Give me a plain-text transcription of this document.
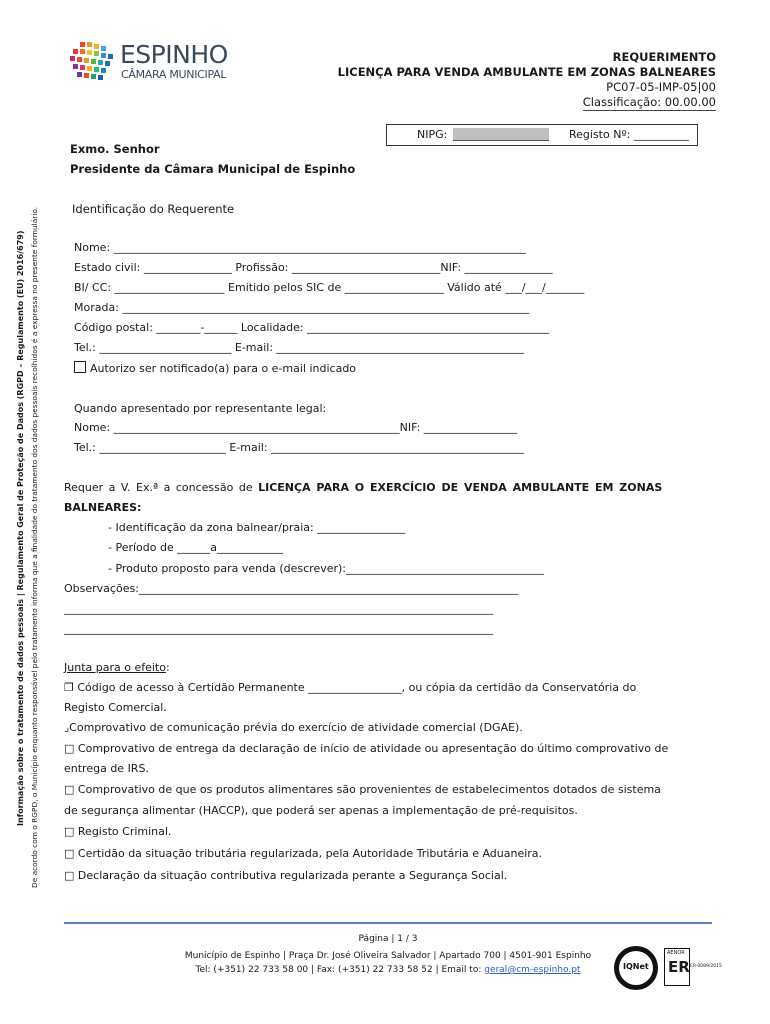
ESPINHO
CÂMARA MUNICIPAL
REQUERIMENTO
LICENÇA PARA VENDA AMBULANTE EM ZONAS BALNEARES
PC07-05-IMP-05|00
Classificação: 00.00.00
NIPG:	Registo Nº: __________
Exmo. Senhor
Presidente da Câmara Municipal de Espinho
Informação sobre o tratamento de dados pessoais | Regulamento Geral de Proteção de Dados (RGPD – Regulamento (EU) 2016/679) De acordo com o RGPD, o Município enquanto responsável pelo tratamento informa que a finalidade do tratamento dos dados pessoais recolhidos é a expressa no presente formulário.	Identificação do Requerente
Nome: ___________________________________________________________________________
Estado civil: ________________ Profissão: ___________________________NIF: ________________
BI/ CC: ____________________ Emitido pelos SIC de __________________ Válido até ___/___/_______
Morada: __________________________________________________________________________
Código postal: ________-______ Localidade: ____________________________________________
Tel.: ________________________ E-mail: _____________________________________________
Autorizo ser notificado(a) para o e-mail indicado
Quando apresentado por representante legal:
Nome: ____________________________________________________NIF: _________________
Tel.: _______________________ E-mail: ______________________________________________
Requer a V. Ex.ª a concessão de LICENÇA PARA O EXERCÍCIO DE VENDA AMBULANTE EM ZONAS
BALNEARES:
- Identificação da zona balnear/praia: ________________
- Período de ______a____________
- Produto proposto para venda (descrever):____________________________________
Observações:_____________________________________________________________________
______________________________________________________________________________
______________________________________________________________________________
Junta para o efeito:
❐ Código de acesso à Certidão Permanente _________________, ou cópia da certidão da Conservatória do
Registo Comercial.
⌟Comprovativo de comunicação prévia do exercício de atividade comercial (DGAE).
□ Comprovativo de entrega da declaração de início de atividade ou apresentação do último comprovativo de
entrega de IRS.
□ Comprovativo de que os produtos alimentares são provenientes de estabelecimentos dotados de sistema
de segurança alimentar (HACCP), que poderá ser apenas a implementação de pré-requisitos.
□ Registo Criminal.
□ Certidão da situação tributária regularizada, pela Autoridade Tributária e Aduaneira.
□ Declaração da situação contributiva regularizada perante a Segurança Social.
Página | 1 / 3
Município de Espinho | Praça Dr. José Oliveira Salvador | Apartado 700 | 4501-901 Espinho
Tel: (+351) 22 733 58 00 | Fax: (+351) 22 733 58 52 | Email to: geral@cm-espinho.pt	IQNet
AENOR
ER ER-0089/2015
